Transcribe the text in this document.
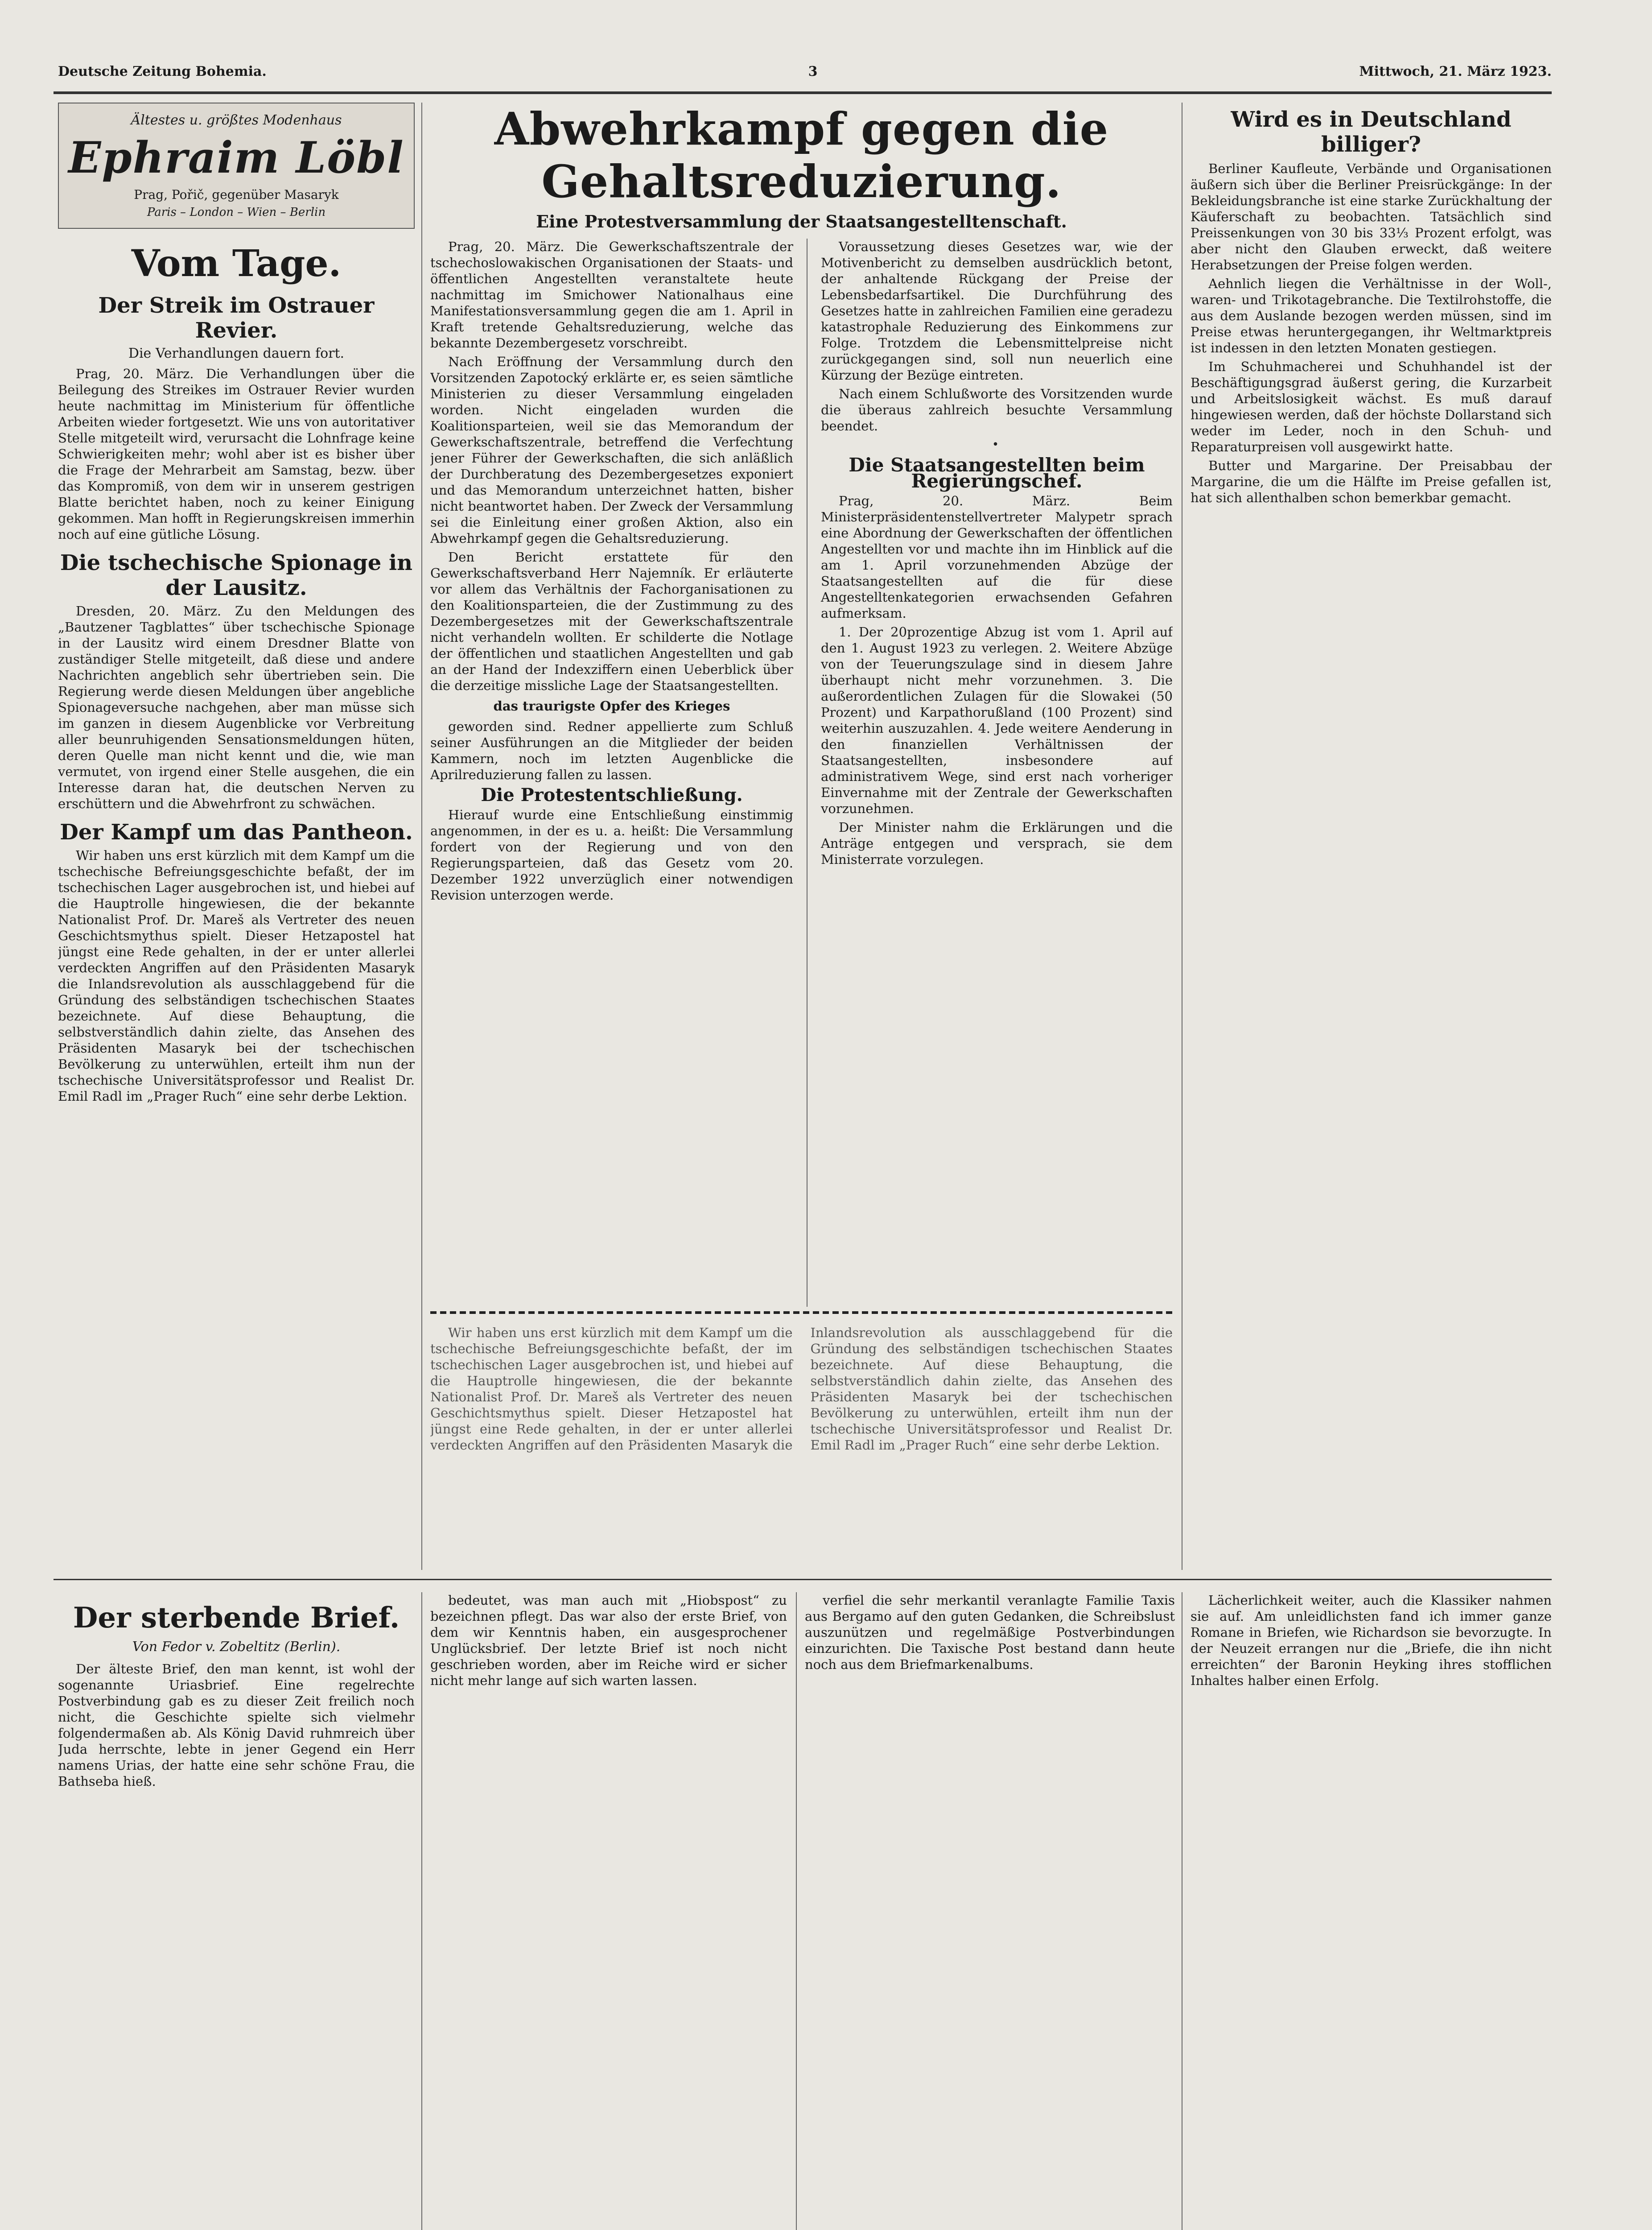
Deutsche Zeitung Bohemia.	3	Mittwoch, 21. März 1923.
Ältestes u. größtes Modenhaus
Ephraim Löbl
Prag, Pořič, gegenüber Masaryk
Paris – London – Wien – Berlin
Vom Tage.
Der Streik im Ostrauer Revier.
Die Verhandlungen dauern fort.

Prag, 20. März. Die Verhandlungen über die Beilegung des Streikes im Ostrauer Revier wurden heute nachmittag im Ministerium für öffentliche Arbeiten wieder fortgesetzt. Wie uns von autoritativer Stelle mitgeteilt wird, verursacht die Lohnfrage keine Schwierigkeiten mehr; wohl aber ist es bisher über die Frage der Mehrarbeit am Samstag, bezw. über das Kompromiß, von dem wir in unserem gestrigen Blatte berichtet haben, noch zu keiner Einigung gekommen. Man hofft in Regierungskreisen immerhin noch auf eine gütliche Lösung.

Die tschechische Spionage in der Lausitz.

Dresden, 20. März. Zu den Meldungen des „Bautzener Tagblattes“ über tschechische Spionage in der Lausitz wird einem Dresdner Blatte von zuständiger Stelle mitgeteilt, daß diese und andere Nachrichten angeblich sehr übertrieben sein. Die Regierung werde diesen Meldungen über angebliche Spionageversuche nachgehen, aber man müsse sich im ganzen in diesem Augenblicke vor Verbreitung aller beunruhigenden Sensationsmeldungen hüten, deren Quelle man nicht kennt und die, wie man vermutet, von irgend einer Stelle ausgehen, die ein Interesse daran hat, die deutschen Nerven zu erschüttern und die Abwehrfront zu schwächen.

Der Kampf um das Pantheon.

Wir haben uns erst kürzlich mit dem Kampf um die tschechische Befreiungsgeschichte befaßt, der im tschechischen Lager ausgebrochen ist, und hiebei auf die Hauptrolle hingewiesen, die der bekannte Nationalist Prof. Dr. Mareš als Vertreter des neuen Geschichtsmythus spielt. Dieser Hetzapostel hat jüngst eine Rede gehalten, in der er unter allerlei verdeckten Angriffen auf den Präsidenten Masaryk die Inlandsrevolution als ausschlaggebend für die Gründung des selbständigen tschechischen Staates bezeichnete. Auf diese Behauptung, die selbstverständlich dahin zielte, das Ansehen des Präsidenten Masaryk bei der tschechischen Bevölkerung zu unterwühlen, erteilt ihm nun der tschechische Universitätsprofessor und Realist Dr. Emil Radl im „Prager Ruch“ eine sehr derbe Lektion.

Abwehrkampf gegen die Gehaltsreduzierung.
Eine Protestversammlung der Staatsangestelltenschaft.

Prag, 20. März. Die Gewerkschaftszentrale der tschechoslowakischen Organisationen der Staats- und öffentlichen Angestellten veranstaltete heute nachmittag im Smichower Nationalhaus eine Manifestationsversammlung gegen die am 1. April in Kraft tretende Gehaltsreduzierung, welche das bekannte Dezembergesetz vorschreibt.

Nach Eröffnung der Versammlung durch den Vorsitzenden Zapotocký erklärte er, es seien sämtliche Ministerien zu dieser Versammlung eingeladen worden. Nicht eingeladen wurden die Koalitionsparteien, weil sie das Memorandum der Gewerkschaftszentrale, betreffend die Verfechtung jener Führer der Gewerkschaften, die sich anläßlich der Durchberatung des Dezembergesetzes exponiert und das Memorandum unterzeichnet hatten, bisher nicht beantwortet haben. Der Zweck der Versammlung sei die Einleitung einer großen Aktion, also ein Abwehrkampf gegen die Gehaltsreduzierung.

Den Bericht erstattete für den Gewerkschaftsverband Herr Najemník. Er erläuterte vor allem das Verhältnis der Fachorganisationen zu den Koalitionsparteien, die der Zustimmung zu des Dezembergesetzes mit der Gewerkschaftszentrale nicht verhandeln wollten. Er schilderte die Notlage der öffentlichen und staatlichen Angestellten und gab an der Hand der Indexziffern einen Ueberblick über die derzeitige missliche Lage der Staatsangestellten.

das traurigste Opfer des Krieges

geworden sind. Redner appellierte zum Schluß seiner Ausführungen an die Mitglieder der beiden Kammern, noch im letzten Augenblicke die Aprilreduzierung fallen zu lassen.

Die Protestentschließung.

Hierauf wurde eine Entschließung einstimmig angenommen, in der es u. a. heißt: Die Versammlung fordert von der Regierung und von den Regierungsparteien, daß das Gesetz vom 20. Dezember 1922 unverzüglich einer notwendigen Revision unterzogen werde.

Voraussetzung dieses Gesetzes war, wie der Motivenbericht zu demselben ausdrücklich betont, der anhaltende Rückgang der Preise der Lebensbedarfsartikel. Die Durchführung des Gesetzes hatte in zahlreichen Familien eine geradezu katastrophale Reduzierung des Einkommens zur Folge. Trotzdem die Lebensmittelpreise nicht zurückgegangen sind, soll nun neuerlich eine Kürzung der Bezüge eintreten.

Nach einem Schlußworte des Vorsitzenden wurde die überaus zahlreich besuchte Versammlung beendet.

•
Die Staatsangestellten beim Regierungschef.

Prag, 20. März. Beim Ministerpräsidentenstellvertreter Malypetr sprach eine Abordnung der Gewerkschaften der öffentlichen Angestellten vor und machte ihn im Hinblick auf die am 1. April vorzunehmenden Abzüge der Staatsangestellten auf die für diese Angestelltenkategorien erwachsenden Gefahren aufmerksam.

1. Der 20prozentige Abzug ist vom 1. April auf den 1. August 1923 zu verlegen. 2. Weitere Abzüge von der Teuerungszulage sind in diesem Jahre überhaupt nicht mehr vorzunehmen. 3. Die außerordentlichen Zulagen für die Slowakei (50 Prozent) und Karpathorußland (100 Prozent) sind weiterhin auszuzahlen. 4. Jede weitere Aenderung in den finanziellen Verhältnissen der Staatsangestellten, insbesondere auf administrativem Wege, sind erst nach vorheriger Einvernahme mit der Zentrale der Gewerkschaften vorzunehmen.

Der Minister nahm die Erklärungen und die Anträge entgegen und versprach, sie dem Ministerrate vorzulegen.

Wir haben uns erst kürzlich mit dem Kampf um die tschechische Befreiungsgeschichte befaßt, der im tschechischen Lager ausgebrochen ist, und hiebei auf die Hauptrolle hingewiesen, die der bekannte Nationalist Prof. Dr. Mareš als Vertreter des neuen Geschichtsmythus spielt. Dieser Hetzapostel hat jüngst eine Rede gehalten, in der er unter allerlei verdeckten Angriffen auf den Präsidenten Masaryk die Inlandsrevolution als ausschlaggebend für die Gründung des selbständigen tschechischen Staates bezeichnete. Auf diese Behauptung, die selbstverständlich dahin zielte, das Ansehen des Präsidenten Masaryk bei der tschechischen Bevölkerung zu unterwühlen, erteilt ihm nun der tschechische Universitätsprofessor und Realist Dr. Emil Radl im „Prager Ruch“ eine sehr derbe Lektion.

Wird es in Deutschland billiger?

Berliner Kaufleute, Verbände und Organisationen äußern sich über die Berliner Preisrückgänge: In der Bekleidungsbranche ist eine starke Zurückhaltung der Käuferschaft zu beobachten. Tatsächlich sind Preissenkungen von 30 bis 33⅓ Prozent erfolgt, was aber nicht den Glauben erweckt, daß weitere Herabsetzungen der Preise folgen werden.

Aehnlich liegen die Verhältnisse in der Woll-, waren- und Trikotagebranche. Die Textilrohstoffe, die aus dem Auslande bezogen werden müssen, sind im Preise etwas heruntergegangen, ihr Weltmarktpreis ist indessen in den letzten Monaten gestiegen.

Im Schuhmacherei und Schuhhandel ist der Beschäftigungsgrad äußerst gering, die Kurzarbeit und Arbeitslosigkeit wächst. Es muß darauf hingewiesen werden, daß der höchste Dollarstand sich weder im Leder, noch in den Schuh- und Reparaturpreisen voll ausgewirkt hatte.

Butter und Margarine. Der Preisabbau der Margarine, die um die Hälfte im Preise gefallen ist, hat sich allenthalben schon bemerkbar gemacht.

Der sterbende Brief.
Von Fedor v. Zobeltitz (Berlin).

Der älteste Brief, den man kennt, ist wohl der sogenannte Uriasbrief. Eine regelrechte Postverbindung gab es zu dieser Zeit freilich noch nicht, die Geschichte spielte sich vielmehr folgendermaßen ab. Als König David ruhmreich über Juda herrschte, lebte in jener Gegend ein Herr namens Urias, der hatte eine sehr schöne Frau, die Bathseba hieß.

bedeutet, was man auch mit „Hiobspost“ zu bezeichnen pflegt. Das war also der erste Brief, von dem wir Kenntnis haben, ein ausgesprochener Unglücksbrief. Der letzte Brief ist noch nicht geschrieben worden, aber im Reiche wird er sicher nicht mehr lange auf sich warten lassen.

verfiel die sehr merkantil veranlagte Familie Taxis aus Bergamo auf den guten Gedanken, die Schreibslust auszunützen und regelmäßige Postverbindungen einzurichten. Die Taxische Post bestand dann heute noch aus dem Briefmarkenalbums.

Lächerlichkeit weiter, auch die Klassiker nahmen sie auf. Am unleidlichsten fand ich immer ganze Romane in Briefen, wie Richardson sie bevorzugte. In der Neuzeit errangen nur die „Briefe, die ihn nicht erreichten“ der Baronin Heyking ihres stofflichen Inhaltes halber einen Erfolg.
